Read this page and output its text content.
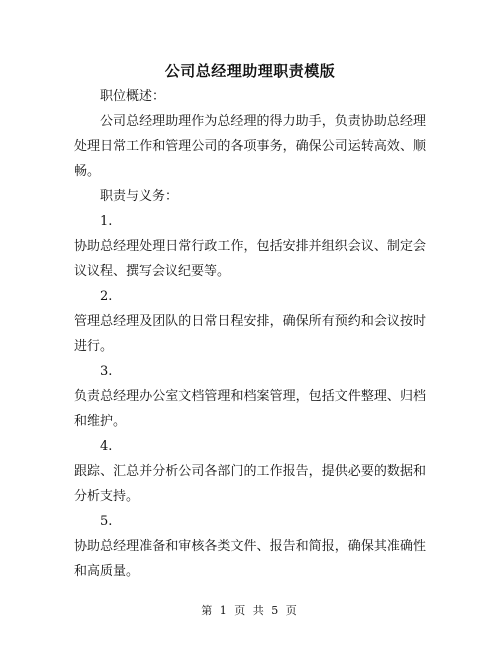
公司总经理助理职责模版

职位概述：

公司总经理助理作为总经理的得力助手，负责协助总经理处理日常工作和管理公司的各项事务，确保公司运转高效、顺畅。

职责与义务：

1.

协助总经理处理日常行政工作，包括安排并组织会议、制定会议议程、撰写会议纪要等。

2.

管理总经理及团队的日常日程安排，确保所有预约和会议按时进行。

3.

负责总经理办公室文档管理和档案管理，包括文件整理、归档和维护。

4.

跟踪、汇总并分析公司各部门的工作报告，提供必要的数据和分析支持。

5.

协助总经理准备和审核各类文件、报告和简报，确保其准确性和高质量。

第 1 页 共 5 页
